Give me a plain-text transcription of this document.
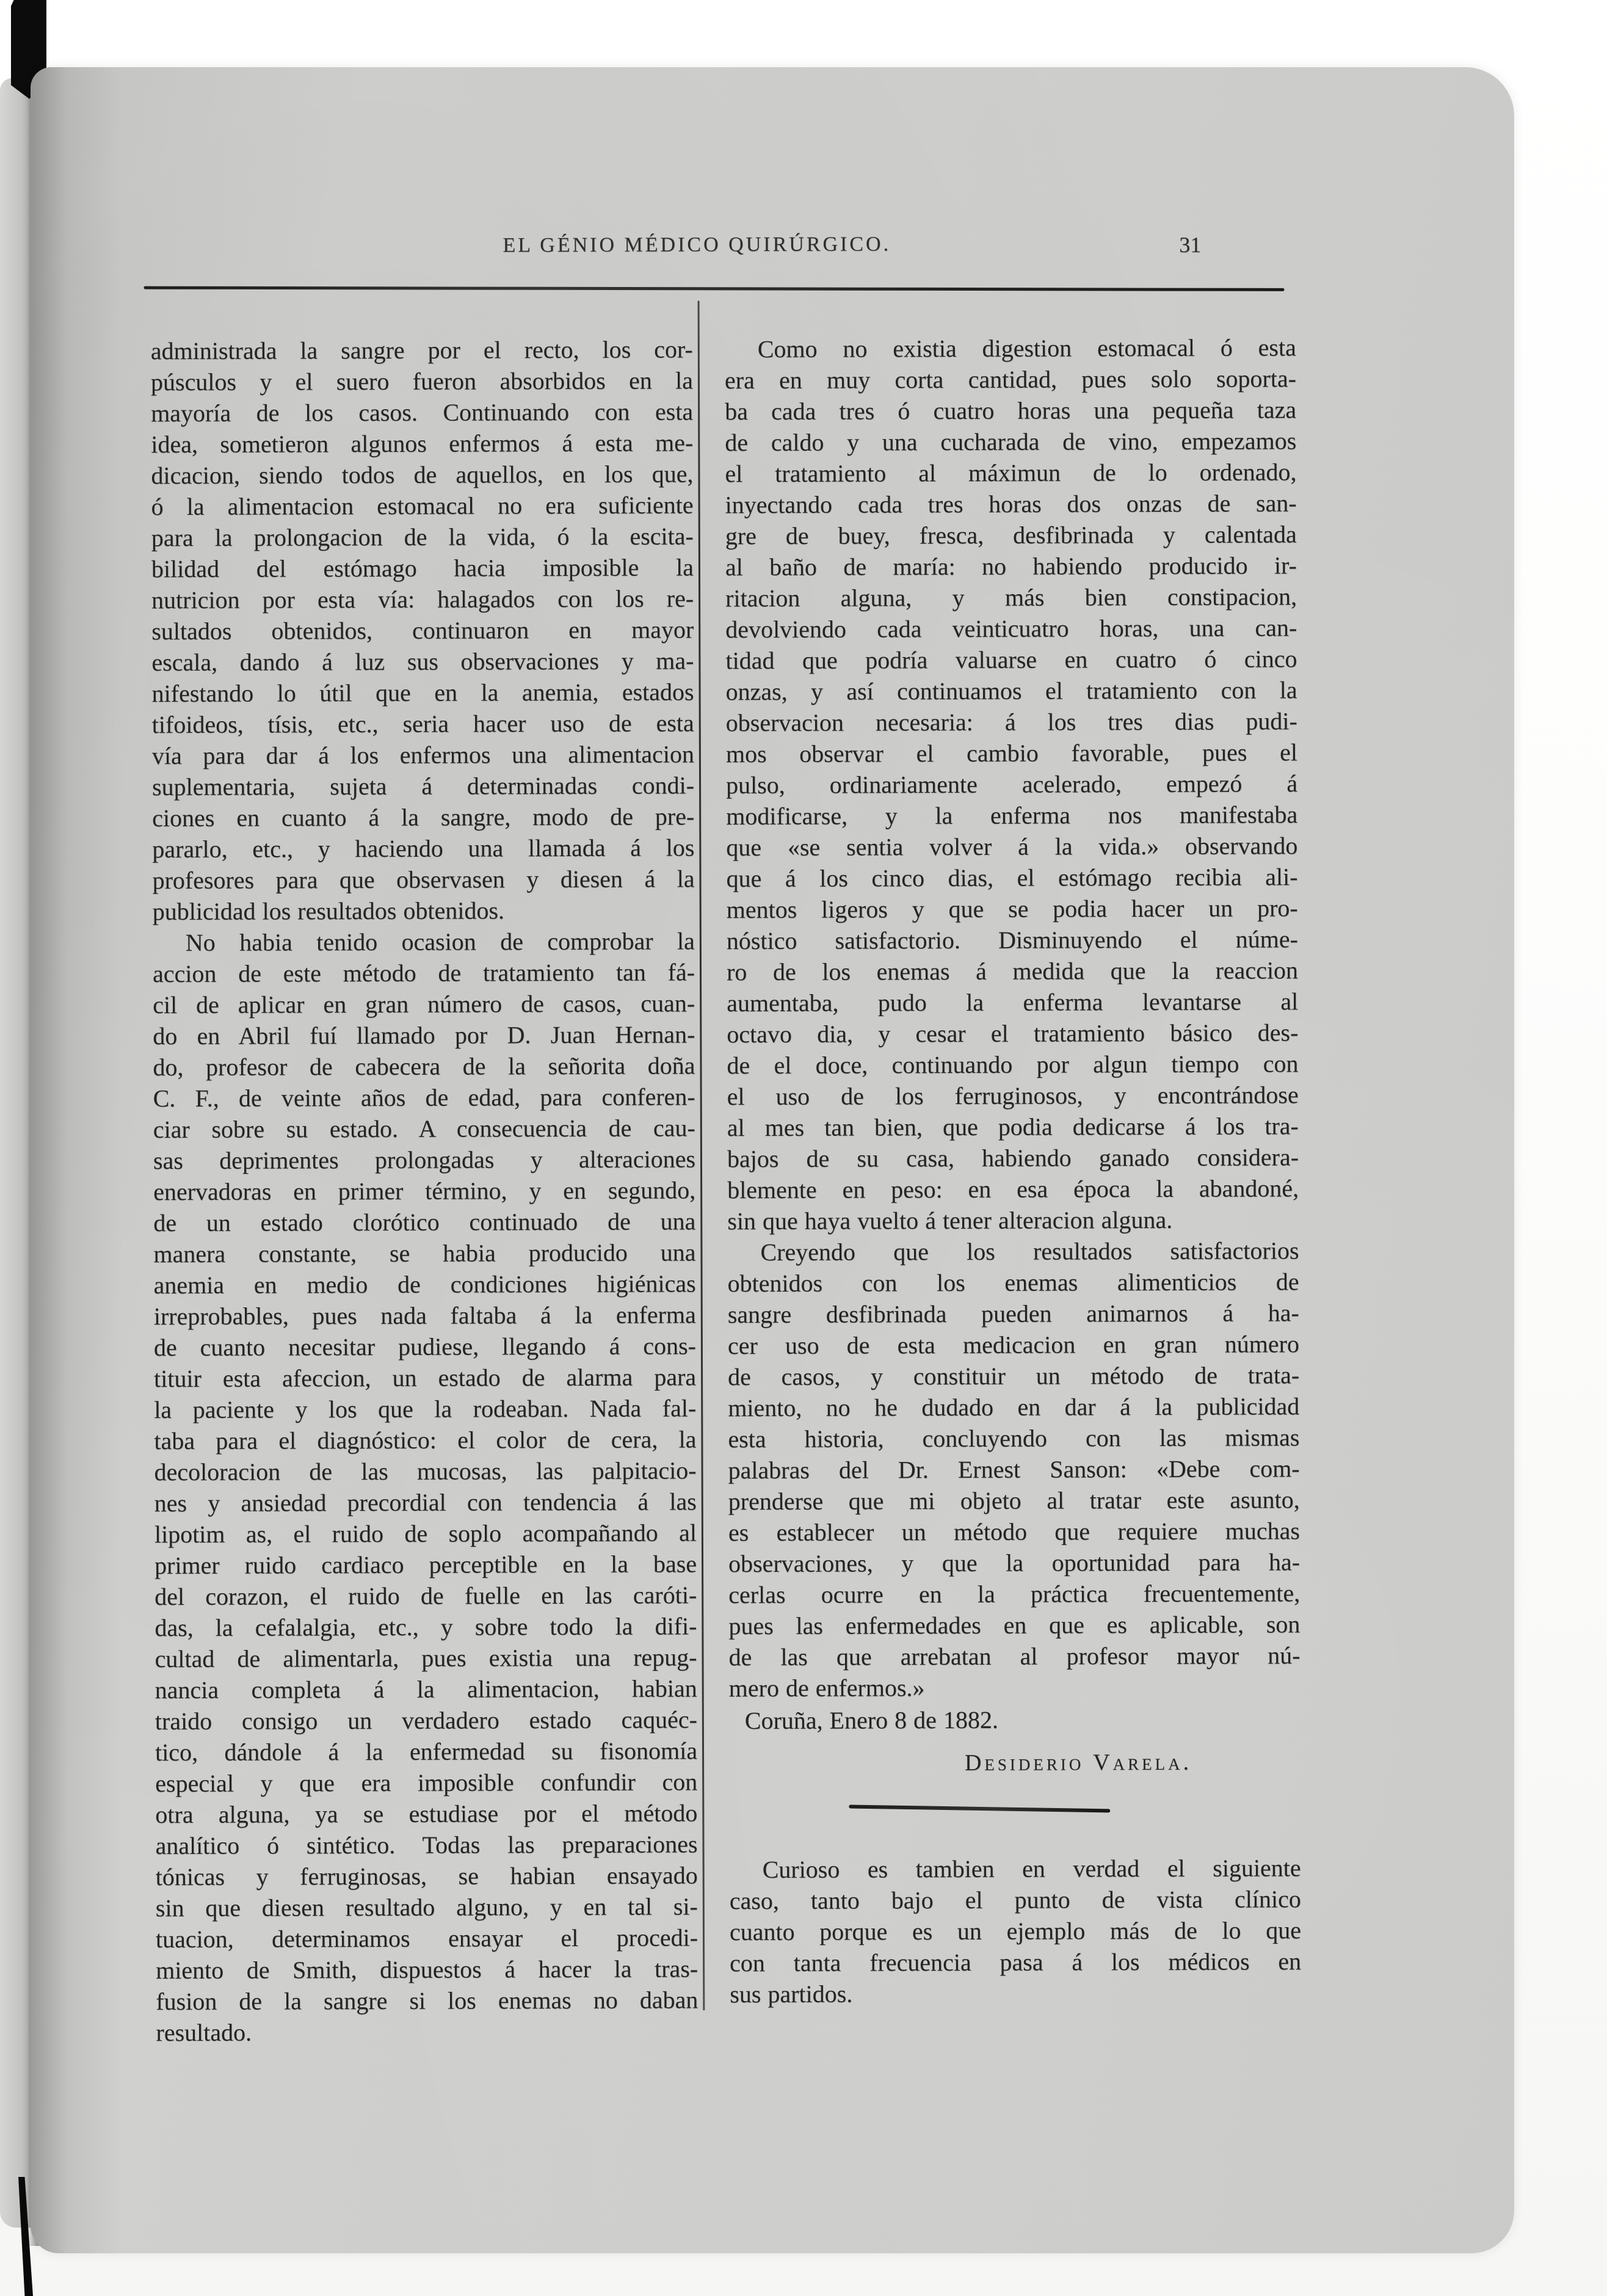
EL GÉNIO MÉDICO QUIRÚRGICO.	31
administrada la sangre por el recto, los cor-
púsculos y el suero fueron absorbidos en la
mayoría de los casos. Continuando con esta
idea, sometieron algunos enfermos á esta me-
dicacion, siendo todos de aquellos, en los que,
ó la alimentacion estomacal no era suficiente
para la prolongacion de la vida, ó la escita-
bilidad del estómago hacia imposible la
nutricion por esta vía: halagados con los re-
sultados obtenidos, continuaron en mayor
escala, dando á luz sus observaciones y ma-
nifestando lo útil que en la anemia, estados
tifoideos, tísis, etc., seria hacer uso de esta
vía para dar á los enfermos una alimentacion
suplementaria, sujeta á determinadas condi-
ciones en cuanto á la sangre, modo de pre-
pararlo, etc., y haciendo una llamada á los
profesores para que observasen y diesen á la
publicidad los resultados obtenidos.
No habia tenido ocasion de comprobar la
accion de este método de tratamiento tan fá-
cil de aplicar en gran número de casos, cuan-
do en Abril fuí llamado por D. Juan Hernan-
do, profesor de cabecera de la señorita doña
C. F., de veinte años de edad, para conferen-
ciar sobre su estado. A consecuencia de cau-
sas deprimentes prolongadas y alteraciones
enervadoras en primer término, y en segundo,
de un estado clorótico continuado de una
manera constante, se habia producido una
anemia en medio de condiciones higiénicas
irreprobables, pues nada faltaba á la enferma
de cuanto necesitar pudiese, llegando á cons-
tituir esta afeccion, un estado de alarma para
la paciente y los que la rodeaban. Nada fal-
taba para el diagnóstico: el color de cera, la
decoloracion de las mucosas, las palpitacio-
nes y ansiedad precordial con tendencia á las
lipotim as, el ruido de soplo acompañando al
primer ruido cardiaco perceptible en la base
del corazon, el ruido de fuelle en las caróti-
das, la cefalalgia, etc., y sobre todo la difi-
cultad de alimentarla, pues existia una repug-
nancia completa á la alimentacion, habian
traido consigo un verdadero estado caquéc-
tico, dándole á la enfermedad su fisonomía
especial y que era imposible confundir con
otra alguna, ya se estudiase por el método
analítico ó sintético. Todas las preparaciones
tónicas y ferruginosas, se habian ensayado
sin que diesen resultado alguno, y en tal si-
tuacion, determinamos ensayar el procedi-
miento de Smith, dispuestos á hacer la tras-
fusion de la sangre si los enemas no daban
resultado.
Como no existia digestion estomacal ó esta
era en muy corta cantidad, pues solo soporta-
ba cada tres ó cuatro horas una pequeña taza
de caldo y una cucharada de vino, empezamos
el tratamiento al máximun de lo ordenado,
inyectando cada tres horas dos onzas de san-
gre de buey, fresca, desfibrinada y calentada
al baño de maría: no habiendo producido ir-
ritacion alguna, y más bien constipacion,
devolviendo cada veinticuatro horas, una can-
tidad que podría valuarse en cuatro ó cinco
onzas, y así continuamos el tratamiento con la
observacion necesaria: á los tres dias pudi-
mos observar el cambio favorable, pues el
pulso, ordinariamente acelerado, empezó á
modificarse, y la enferma nos manifestaba
que «se sentia volver á la vida.» observando
que á los cinco dias, el estómago recibia ali-
mentos ligeros y que se podia hacer un pro-
nóstico satisfactorio. Disminuyendo el núme-
ro de los enemas á medida que la reaccion
aumentaba, pudo la enferma levantarse al
octavo dia, y cesar el tratamiento básico des-
de el doce, continuando por algun tiempo con
el uso de los ferruginosos, y encontrándose
al mes tan bien, que podia dedicarse á los tra-
bajos de su casa, habiendo ganado considera-
blemente en peso: en esa época la abandoné,
sin que haya vuelto á tener alteracion alguna.
Creyendo que los resultados satisfactorios
obtenidos con los enemas alimenticios de
sangre desfibrinada pueden animarnos á ha-
cer uso de esta medicacion en gran número
de casos, y constituir un método de trata-
miento, no he dudado en dar á la publicidad
esta historia, concluyendo con las mismas
palabras del Dr. Ernest Sanson: «Debe com-
prenderse que mi objeto al tratar este asunto,
es establecer un método que requiere muchas
observaciones, y que la oportunidad para ha-
cerlas ocurre en la práctica frecuentemente,
pues las enfermedades en que es aplicable, son
de las que arrebatan al profesor mayor nú-
mero de enfermos.»
Coruña, Enero 8 de 1882.
Desiderio Varela.
Curioso es tambien en verdad el siguiente
caso, tanto bajo el punto de vista clínico
cuanto porque es un ejemplo más de lo que
con tanta frecuencia pasa á los médicos en
sus partidos.
